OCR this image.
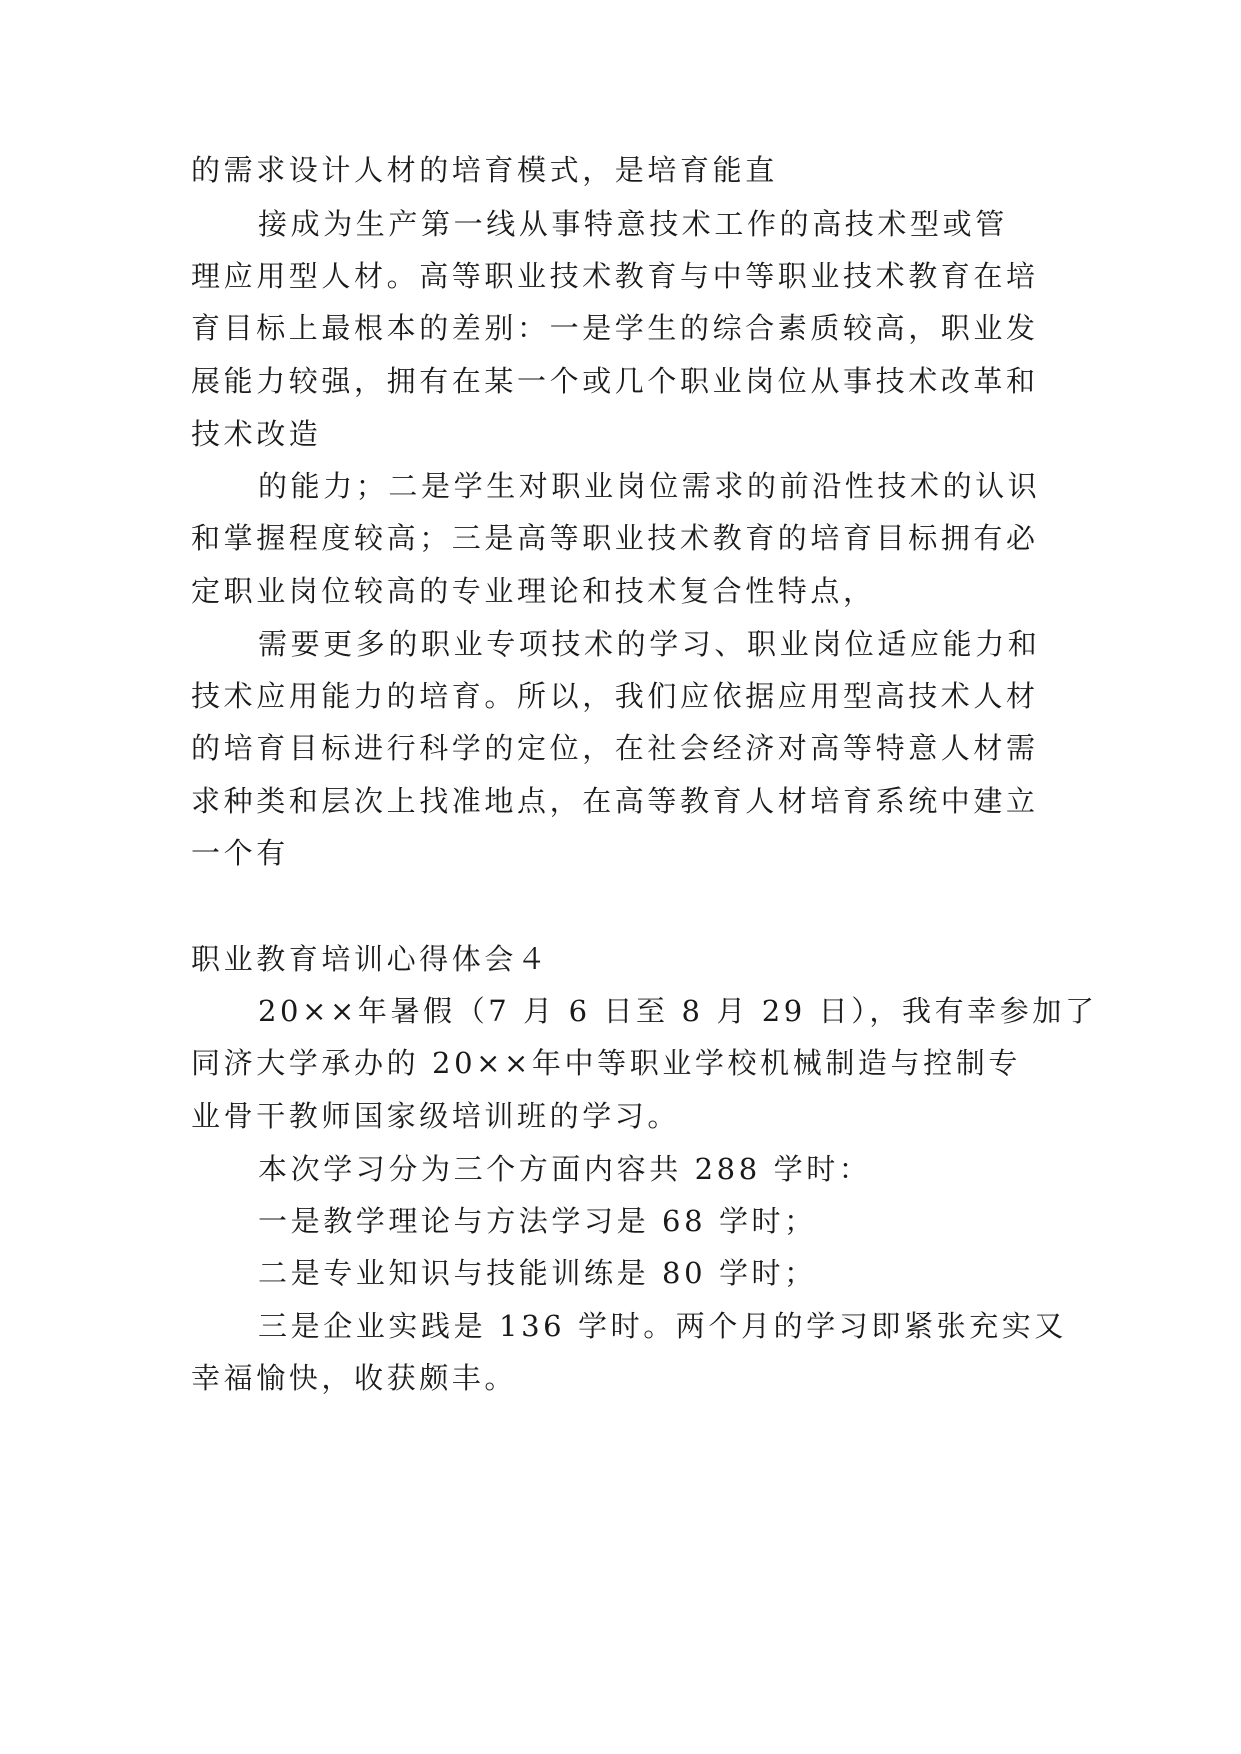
的需求设计人材的培育模式，是培育能直
接成为生产第一线从事特意技术工作的高技术型或管
理应用型人材。高等职业技术教育与中等职业技术教育在培
育目标上最根本的差别：一是学生的综合素质较高，职业发
展能力较强，拥有在某一个或几个职业岗位从事技术改革和
技术改造
的能力；二是学生对职业岗位需求的前沿性技术的认识
和掌握程度较高；三是高等职业技术教育的培育目标拥有必
定职业岗位较高的专业理论和技术复合性特点，
需要更多的职业专项技术的学习、职业岗位适应能力和
技术应用能力的培育。所以，我们应依据应用型高技术人材
的培育目标进行科学的定位，在社会经济对高等特意人材需
求种类和层次上找准地点，在高等教育人材培育系统中建立
一个有
职业教育培训心得体会４
20××年暑假（7 月 6 日至 8 月 29 日），我有幸参加了
同济大学承办的 20××年中等职业学校机械制造与控制专
业骨干教师国家级培训班的学习。
本次学习分为三个方面内容共 288 学时：
一是教学理论与方法学习是 68 学时；
二是专业知识与技能训练是 80 学时；
三是企业实践是 136 学时。两个月的学习即紧张充实又
幸福愉快，收获颇丰。
